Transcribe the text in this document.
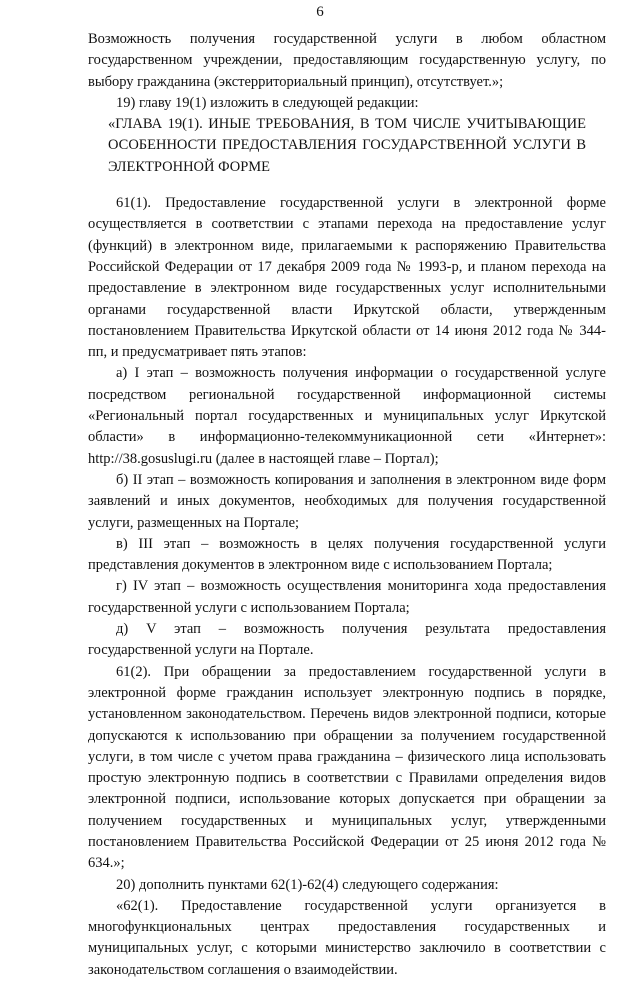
6

Возможность получения государственной услуги в любом областном государственном учреждении, предоставляющим государственную услугу, по выбору гражданина (экстерриториальный принцип), отсутствует.»;

19) главу 19(1) изложить в следующей редакции:

«ГЛАВА 19(1). ИНЫЕ ТРЕБОВАНИЯ, В ТОМ ЧИСЛЕ УЧИТЫВАЮЩИЕ ОСОБЕННОСТИ ПРЕДОСТАВЛЕНИЯ ГОСУДАРСТВЕННОЙ УСЛУГИ В ЭЛЕКТРОННОЙ ФОРМЕ

61(1). Предоставление государственной услуги в электронной форме осуществляется в соответствии с этапами перехода на предоставление услуг (функций) в электронном виде, прилагаемыми к распоряжению Правительства Российской Федерации от 17 декабря 2009 года № 1993-р, и планом перехода на предоставление в электронном виде государственных услуг исполнительными органами государственной власти Иркутской области, утвержденным постановлением Правительства Иркутской области от 14 июня 2012 года № 344-пп, и предусматривает пять этапов:

а) I этап – возможность получения информации о государственной услуге посредством региональной государственной информационной системы «Региональный портал государственных и муниципальных услуг Иркутской области» в информационно-телекоммуникационной сети «Интернет»: http://38.gosuslugi.ru (далее в настоящей главе – Портал);

б) II этап – возможность копирования и заполнения в электронном виде форм заявлений и иных документов, необходимых для получения государственной услуги, размещенных на Портале;

в) III этап – возможность в целях получения государственной услуги представления документов в электронном виде с использованием Портала;

г) IV этап – возможность осуществления мониторинга хода предоставления государственной услуги с использованием Портала;

д) V этап – возможность получения результата предоставления государственной услуги на Портале.

61(2). При обращении за предоставлением государственной услуги в электронной форме гражданин использует электронную подпись в порядке, установленном законодательством. Перечень видов электронной подписи, которые допускаются к использованию при обращении за получением государственной услуги, в том числе с учетом права гражданина – физического лица использовать простую электронную подпись в соответствии с Правилами определения видов электронной подписи, использование которых допускается при обращении за получением государственных и муниципальных услуг, утвержденными постановлением Правительства Российской Федерации от 25 июня 2012 года № 634.»;

20) дополнить пунктами 62(1)-62(4) следующего содержания:

«62(1). Предоставление государственной услуги организуется в многофункциональных центрах предоставления государственных и муниципальных услуг, с которыми министерство заключило в соответствии с законодательством соглашения о взаимодействии.
